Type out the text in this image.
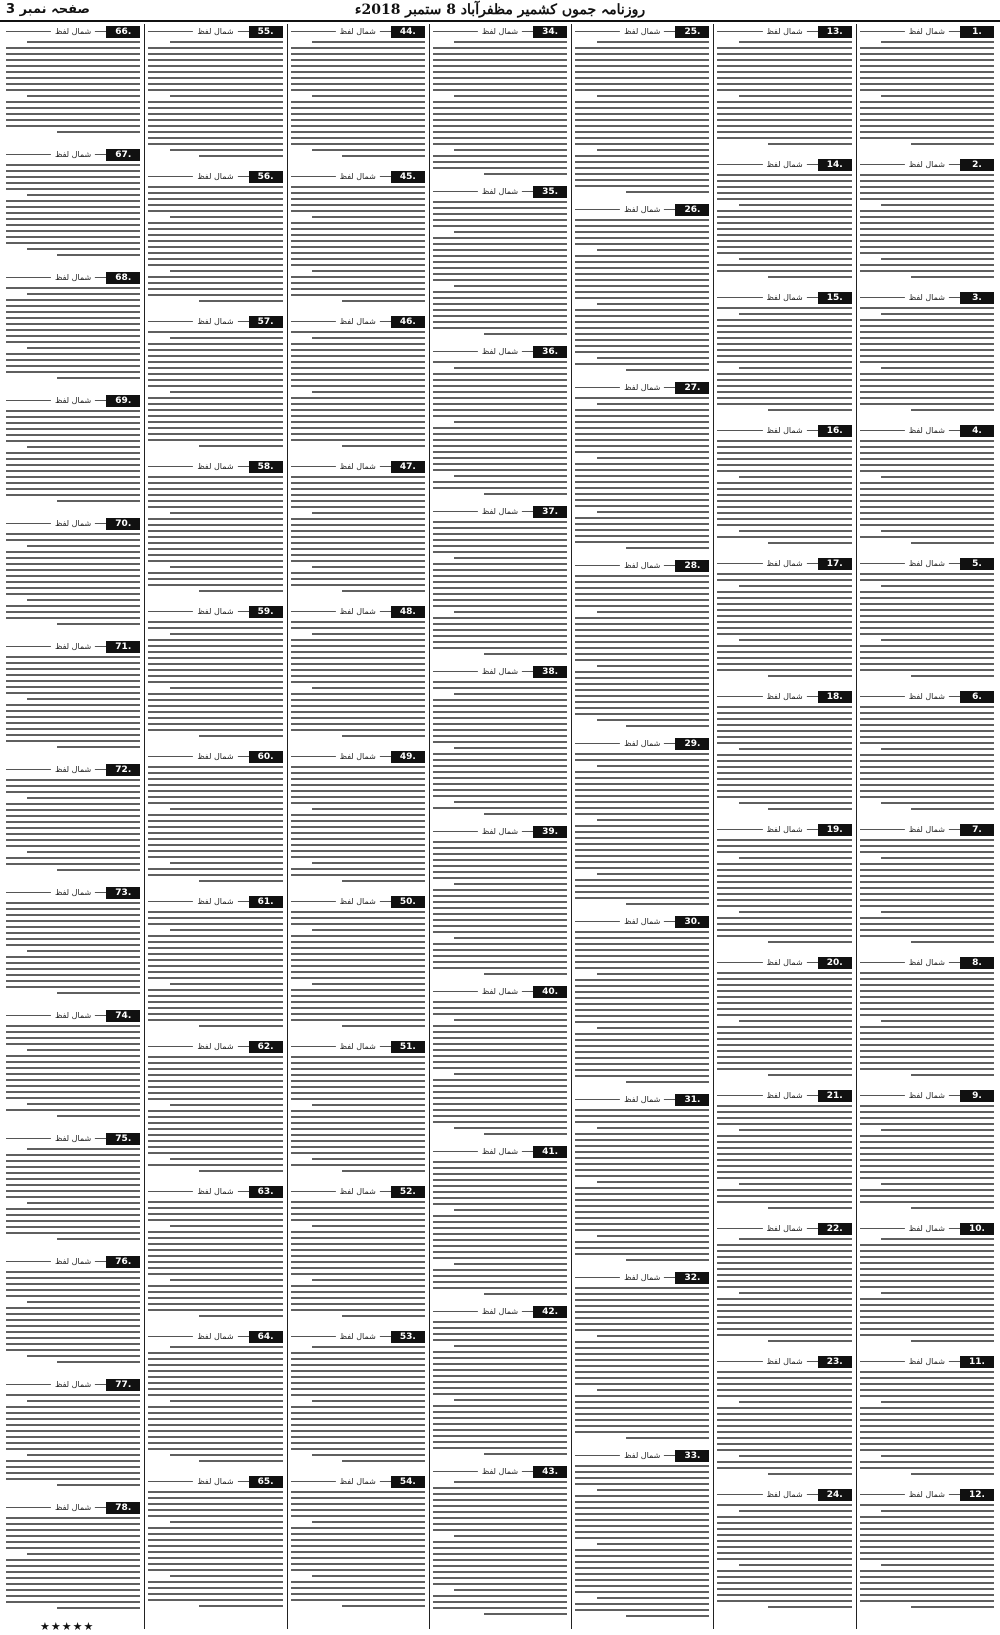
روزنامہ جموں کشمیر مظفرآباد 8 ستمبر 2018ء
صفحہ نمبر 3
شمال لفظ	1.
شمال لفظ	2.
شمال لفظ	3.
شمال لفظ	4.
شمال لفظ	5.
شمال لفظ	6.
شمال لفظ	7.
شمال لفظ	8.
شمال لفظ	9.
شمال لفظ	10.
شمال لفظ	11.
شمال لفظ	12.
شمال لفظ	13.
شمال لفظ	14.
شمال لفظ	15.
شمال لفظ	16.
شمال لفظ	17.
شمال لفظ	18.
شمال لفظ	19.
شمال لفظ	20.
شمال لفظ	21.
شمال لفظ	22.
شمال لفظ	23.
شمال لفظ	24.
شمال لفظ	25.
شمال لفظ	26.
شمال لفظ	27.
شمال لفظ	28.
شمال لفظ	29.
شمال لفظ	30.
شمال لفظ	31.
شمال لفظ	32.
شمال لفظ	33.
شمال لفظ	34.
شمال لفظ	35.
شمال لفظ	36.
شمال لفظ	37.
شمال لفظ	38.
شمال لفظ	39.
شمال لفظ	40.
شمال لفظ	41.
شمال لفظ	42.
شمال لفظ	43.
شمال لفظ	44.
شمال لفظ	45.
شمال لفظ	46.
شمال لفظ	47.
شمال لفظ	48.
شمال لفظ	49.
شمال لفظ	50.
شمال لفظ	51.
شمال لفظ	52.
شمال لفظ	53.
شمال لفظ	54.
شمال لفظ	55.
شمال لفظ	56.
شمال لفظ	57.
شمال لفظ	58.
شمال لفظ	59.
شمال لفظ	60.
شمال لفظ	61.
شمال لفظ	62.
شمال لفظ	63.
شمال لفظ	64.
شمال لفظ	65.
شمال لفظ	66.
شمال لفظ	67.
شمال لفظ	68.
شمال لفظ	69.
شمال لفظ	70.
شمال لفظ	71.
شمال لفظ	72.
شمال لفظ	73.
شمال لفظ	74.
شمال لفظ	75.
شمال لفظ	76.
شمال لفظ	77.
شمال لفظ	78.
★★★★★
